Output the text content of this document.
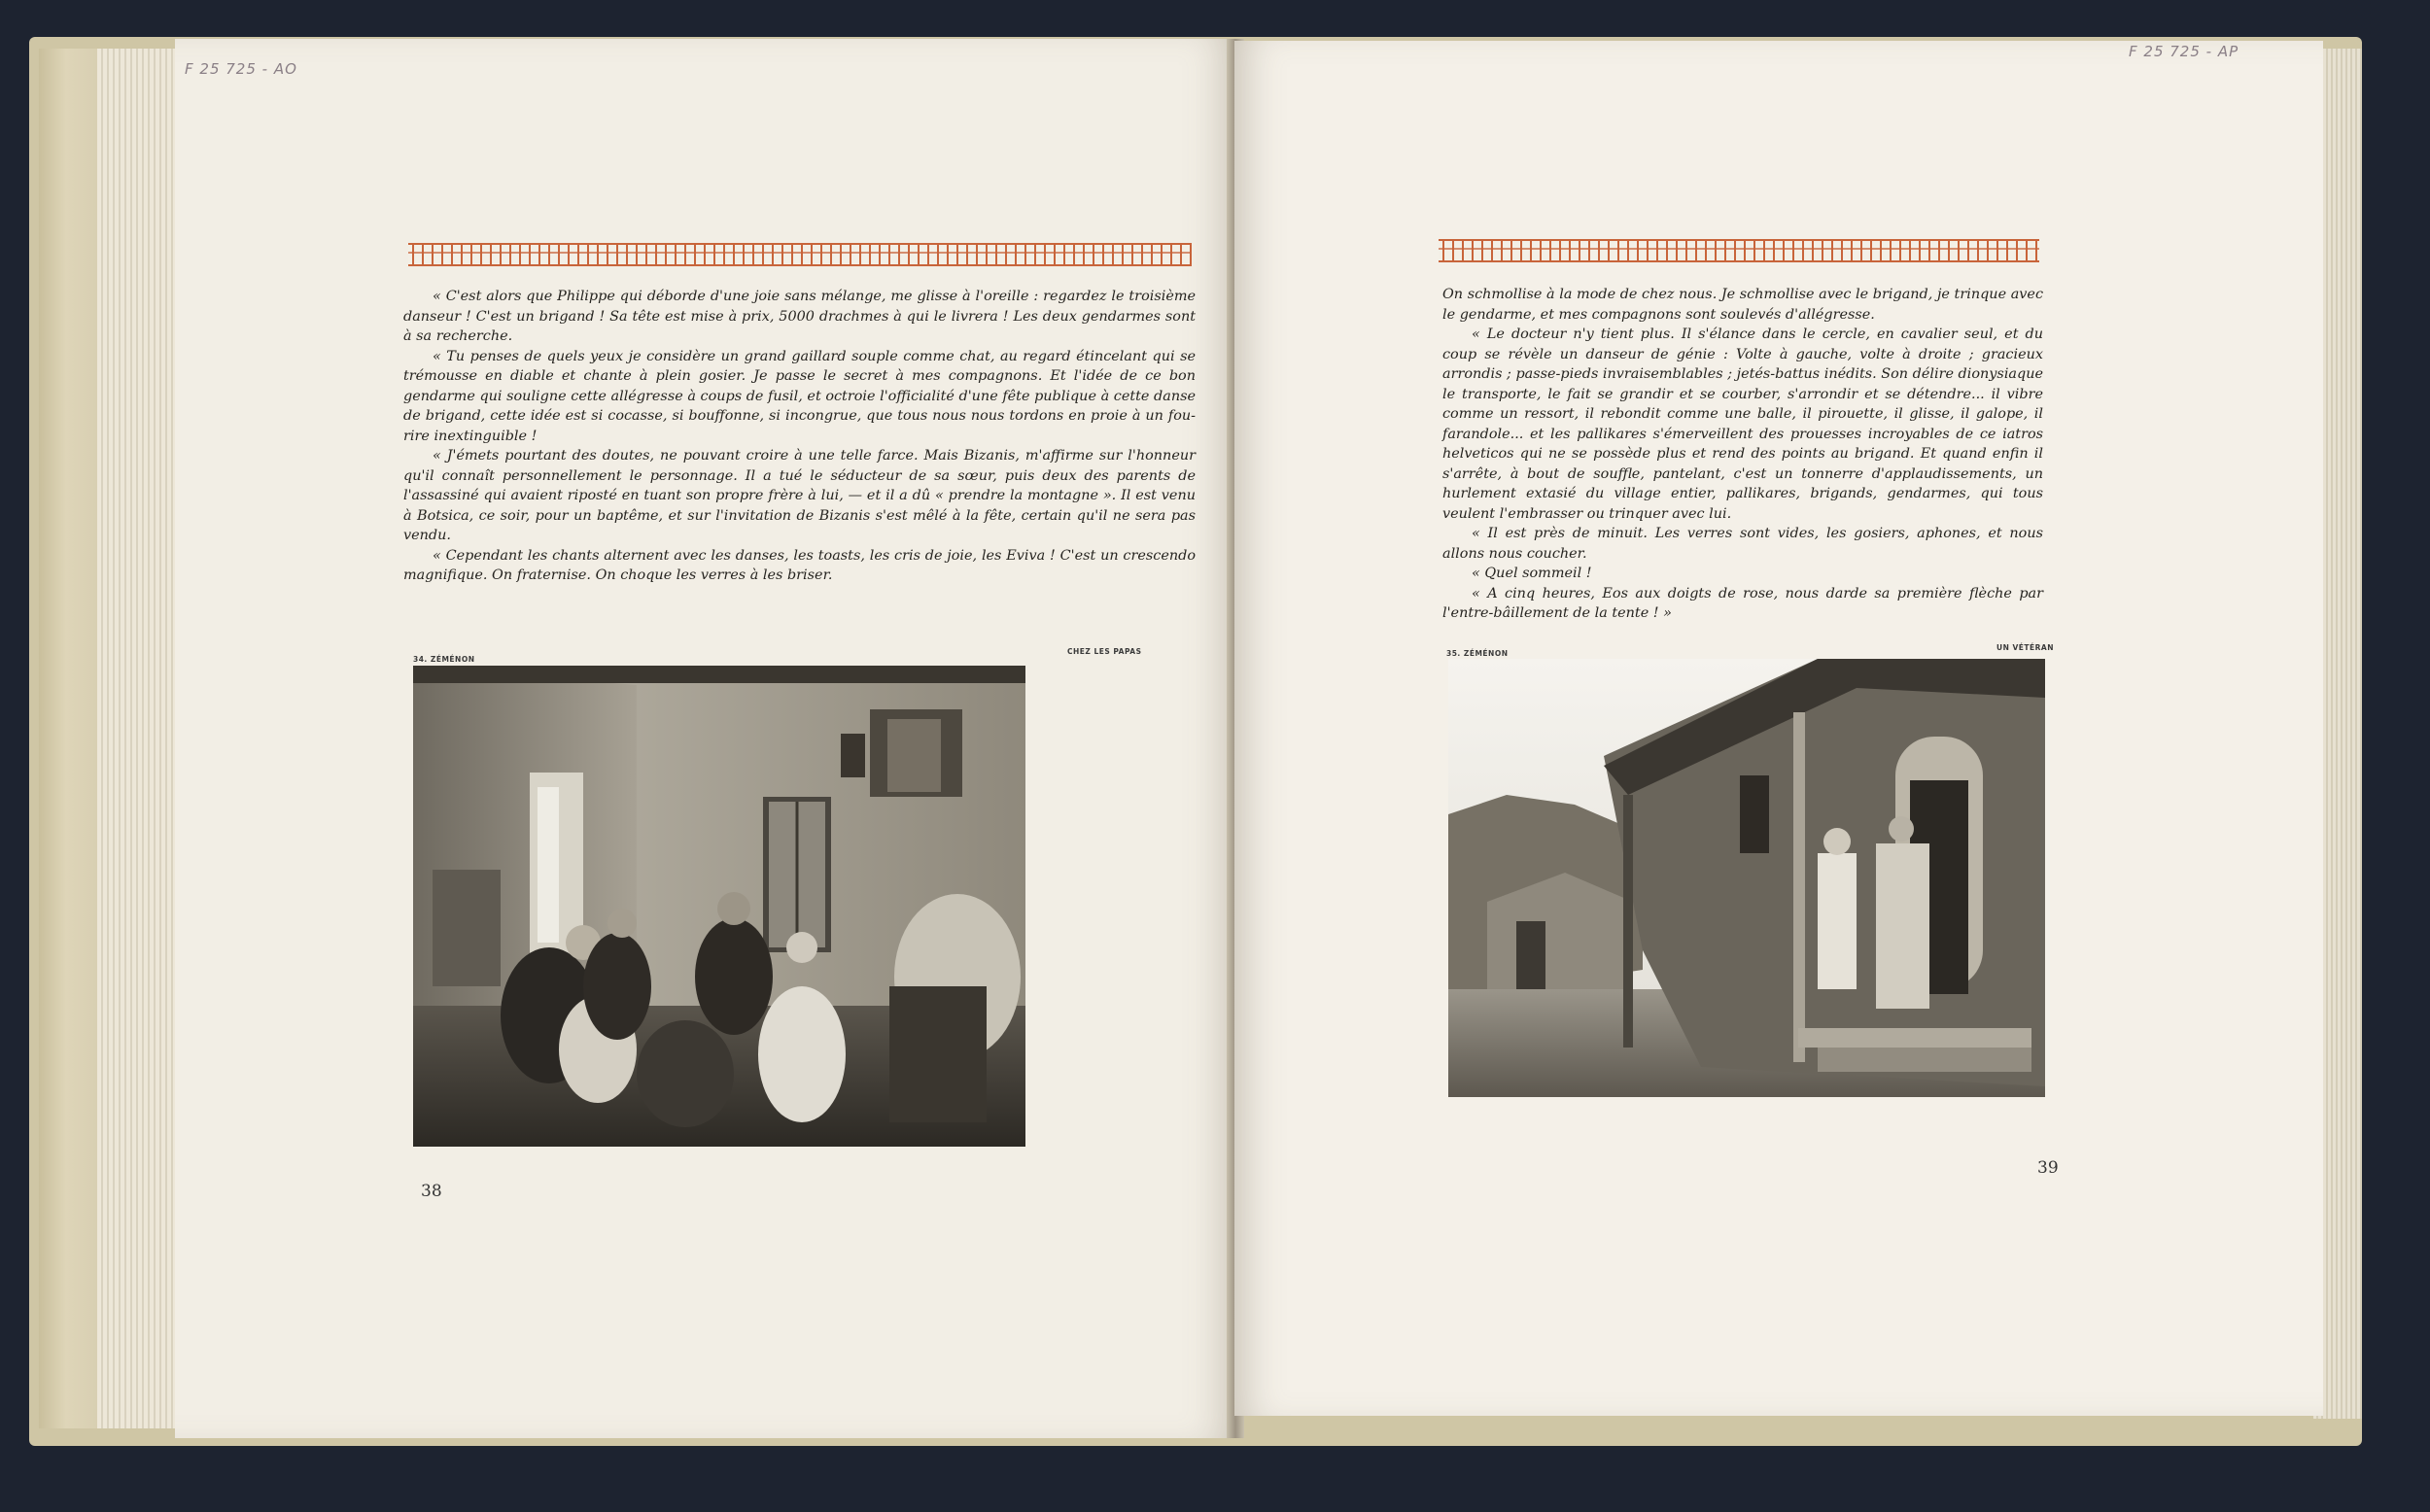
F 25 725 - AO

« C'est alors que Philippe qui déborde d'une joie sans mélange, me glisse à l'oreille : regardez le troisième danseur ! C'est un brigand ! Sa tête est mise à prix, 5000 drachmes à qui le livrera ! Les deux gendarmes sont à sa recherche.

« Tu penses de quels yeux je considère un grand gaillard souple comme chat, au regard étincelant qui se trémousse en diable et chante à plein gosier. Je passe le secret à mes compagnons. Et l'idée de ce bon gendarme qui souligne cette allégresse à coups de fusil, et octroie l'officialité d'une fête publique à cette danse de brigand, cette idée est si cocasse, si bouffonne, si incongrue, que tous nous nous tordons en proie à un fou-rire inextinguible !

« J'émets pourtant des doutes, ne pouvant croire à une telle farce. Mais Bizanis, m'affirme sur l'honneur qu'il connaît personnellement le personnage. Il a tué le séducteur de sa sœur, puis deux des parents de l'assassiné qui avaient riposté en tuant son propre frère à lui, — et il a dû « prendre la montagne ». Il est venu à Botsica, ce soir, pour un baptême, et sur l'invitation de Bizanis s'est mêlé à la fête, certain qu'il ne sera pas vendu.

« Cependant les chants alternent avec les danses, les toasts, les cris de joie, les Eviva ! C'est un crescendo magnifique. On fraternise. On choque les verres à les briser.

34. ZÉMÉNON
CHEZ LES PAPAS
38
F 25 725 - AP

On schmollise à la mode de chez nous. Je schmollise avec le brigand, je trinque avec le gendarme, et mes compagnons sont soulevés d'allégresse.

« Le docteur n'y tient plus. Il s'élance dans le cercle, en cavalier seul, et du coup se révèle un danseur de génie : Volte à gauche, volte à droite ; gracieux arrondis ; passe-pieds invraisemblables ; jetés-battus inédits. Son délire dionysiaque le transporte, le fait se grandir et se courber, s'arrondir et se détendre... il vibre comme un ressort, il rebondit comme une balle, il pirouette, il glisse, il galope, il farandole... et les pallikares s'émerveillent des prouesses incroyables de ce iatros helveticos qui ne se possède plus et rend des points au brigand. Et quand enfin il s'arrête, à bout de souffle, pantelant, c'est un tonnerre d'applaudissements, un hurlement extasié du village entier, pallikares, brigands, gendarmes, qui tous veulent l'embrasser ou trinquer avec lui.

« Il est près de minuit. Les verres sont vides, les gosiers, aphones, et nous allons nous coucher.

« Quel sommeil !

« A cinq heures, Eos aux doigts de rose, nous darde sa première flèche par l'entre-bâillement de la tente ! »

35. ZÉMÉNON
UN VÉTÉRAN
39
